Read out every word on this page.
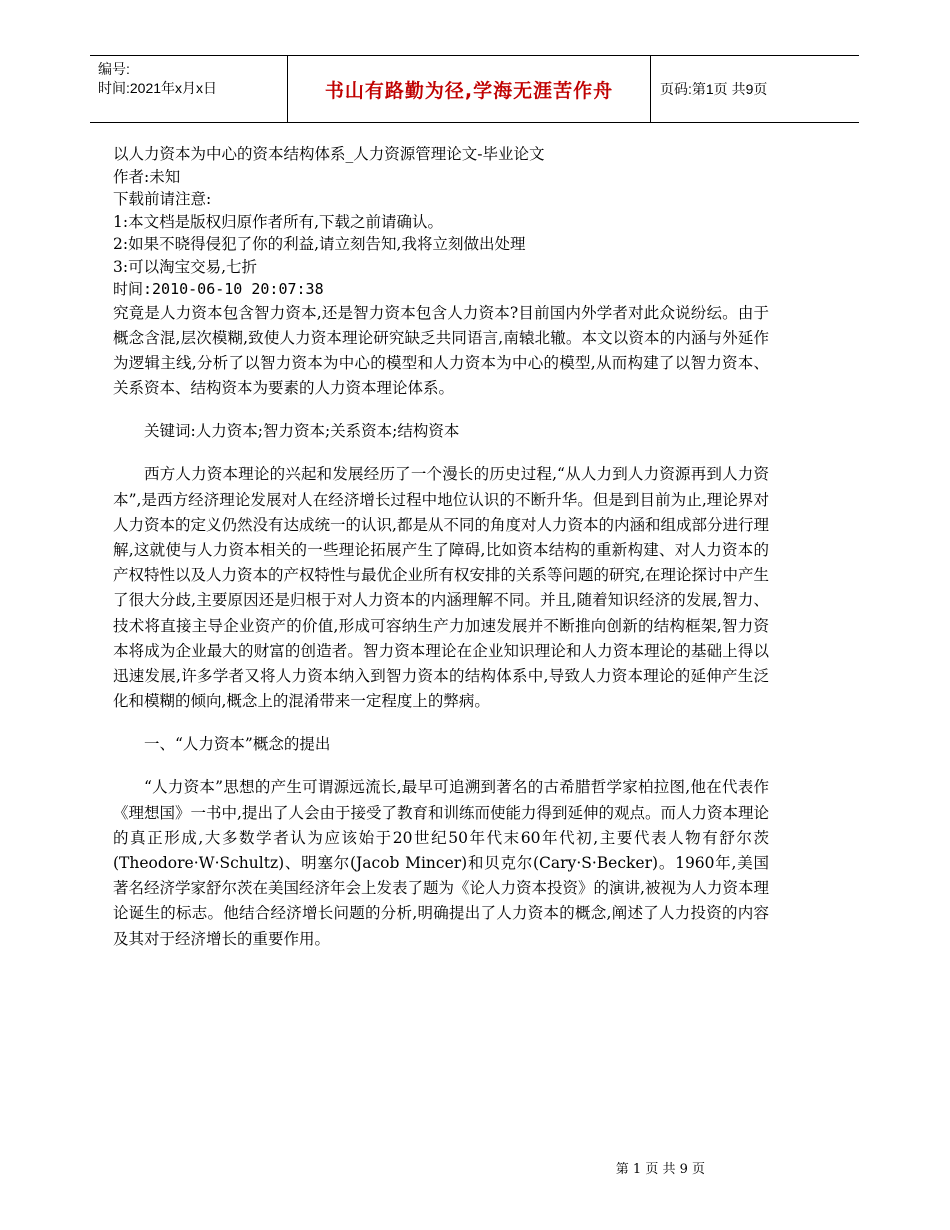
编号:
时间:2021年x月x日	书山有路勤为径,学海无涯苦作舟	页码:第1页 共9页
以人力资本为中心的资本结构体系_人力资源管理论文-毕业论文
作者:未知
下载前请注意:
1:本文档是版权归原作者所有,下载之前请确认。
2:如果不晓得侵犯了你的利益,请立刻告知,我将立刻做出处理
3:可以淘宝交易,七折
时间:2010-06-10 20:07:38

究竟是人力资本包含智力资本,还是智力资本包含人力资本?目前国内外学者对此众说纷纭。由于概念含混,层次模糊,致使人力资本理论研究缺乏共同语言,南辕北辙。本文以资本的内涵与外延作为逻辑主线,分析了以智力资本为中心的模型和人力资本为中心的模型,从而构建了以智力资本、关系资本、结构资本为要素的人力资本理论体系。

关键词:人力资本;智力资本;关系资本;结构资本

西方人力资本理论的兴起和发展经历了一个漫长的历史过程,“从人力到人力资源再到人力资本”,是西方经济理论发展对人在经济增长过程中地位认识的不断升华。但是到目前为止,理论界对人力资本的定义仍然没有达成统一的认识,都是从不同的角度对人力资本的内涵和组成部分进行理解,这就使与人力资本相关的一些理论拓展产生了障碍,比如资本结构的重新构建、对人力资本的产权特性以及人力资本的产权特性与最优企业所有权安排的关系等问题的研究,在理论探讨中产生了很大分歧,主要原因还是归根于对人力资本的内涵理解不同。并且,随着知识经济的发展,智力、技术将直接主导企业资产的价值,形成可容纳生产力加速发展并不断推向创新的结构框架,智力资本将成为企业最大的财富的创造者。智力资本理论在企业知识理论和人力资本理论的基础上得以迅速发展,许多学者又将人力资本纳入到智力资本的结构体系中,导致人力资本理论的延伸产生泛化和模糊的倾向,概念上的混淆带来一定程度上的弊病。

一、“人力资本”概念的提出

“人力资本”思想的产生可谓源远流长,最早可追溯到著名的古希腊哲学家柏拉图,他在代表作《理想国》一书中,提出了人会由于接受了教育和训练而使能力得到延伸的观点。而人力资本理论的真正形成,大多数学者认为应该始于20世纪50年代末60年代初,主要代表人物有舒尔茨(Theodore·W·Schultz)、明塞尔(Jacob Mincer)和贝克尔(Cary·S·Becker)。1960年,美国著名经济学家舒尔茨在美国经济年会上发表了题为《论人力资本投资》的演讲,被视为人力资本理论诞生的标志。他结合经济增长问题的分析,明确提出了人力资本的概念,阐述了人力投资的内容及其对于经济增长的重要作用。

第 1 页 共 9 页
